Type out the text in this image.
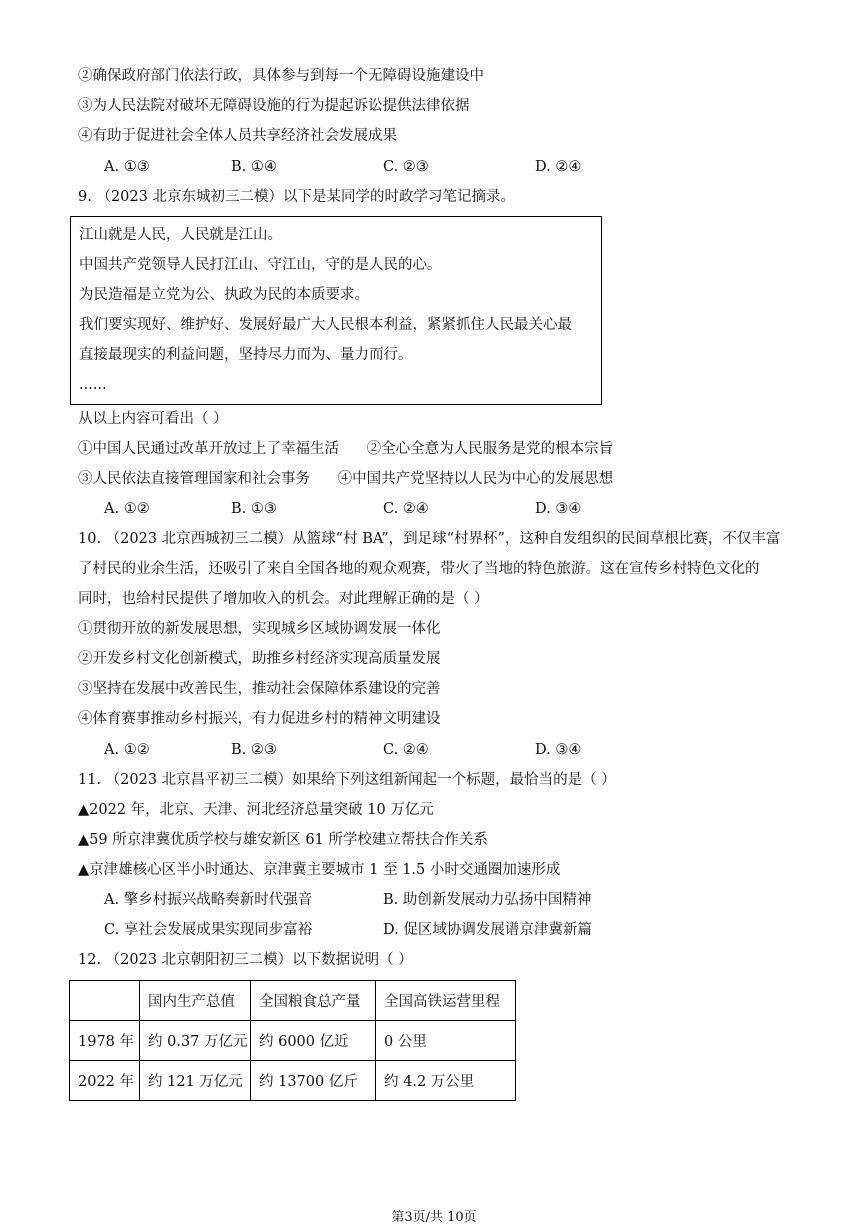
②确保政府部门依法行政，具体参与到每一个无障碍设施建设中
③为人民法院对破坏无障碍设施的行为提起诉讼提供法律依据
④有助于促进社会全体人员共享经济社会发展成果
A. ①③	B. ①④	C. ②③	D. ②④
9. （2023 北京东城初三二模）以下是某同学的时政学习笔记摘录。
江山就是人民，人民就是江山。
中国共产党领导人民打江山、守江山，守的是人民的心。
为民造福是立党为公、执政为民的本质要求。
我们要实现好、维护好、发展好最广大人民根本利益，紧紧抓住人民最关心最
直接最现实的利益问题，坚持尽力而为、量力而行。
......
从以上内容可看出（ ）
①中国人民通过改革开放过上了幸福生活      ②全心全意为人民服务是党的根本宗旨
③人民依法直接管理国家和社会事务      ④中国共产党坚持以人民为中心的发展思想
A. ①②	B. ①③	C. ②④	D. ③④
10. （2023 北京西城初三二模）从篮球“村 BA”，到足球“村界杯”，这种自发组织的民间草根比赛，不仅丰富
了村民的业余生活，还吸引了来自全国各地的观众观赛，带火了当地的特色旅游。这在宣传乡村特色文化的
同时，也给村民提供了增加收入的机会。对此理解正确的是（ ）
①贯彻开放的新发展思想，实现城乡区域协调发展一体化
②开发乡村文化创新模式，助推乡村经济实现高质量发展
③坚持在发展中改善民生，推动社会保障体系建设的完善
④体育赛事推动乡村振兴，有力促进乡村的精神文明建设
A. ①②	B. ②③	C. ②④	D. ③④
11. （2023 北京昌平初三二模）如果给下列这组新闻起一个标题，最恰当的是（ ）
▲2022 年，北京、天津、河北经济总量突破 10 万亿元
▲59 所京津冀优质学校与雄安新区 61 所学校建立帮扶合作关系
▲京津雄核心区半小时通达、京津冀主要城市 1 至 1.5 小时交通圈加速形成
A. 擎乡村振兴战略奏新时代强音	B. 助创新发展动力弘扬中国精神
C. 享社会发展成果实现同步富裕	D. 促区域协调发展谱京津冀新篇
12. （2023 北京朝阳初三二模）以下数据说明（ ）
	国内生产总值	全国粮食总产量	全国高铁运营里程
1978 年	约 0.37 万亿元	约 6000 亿近	0 公里
2022 年	约 121 万亿元	约 13700 亿斤	约 4.2 万公里
第3页/共 10页
